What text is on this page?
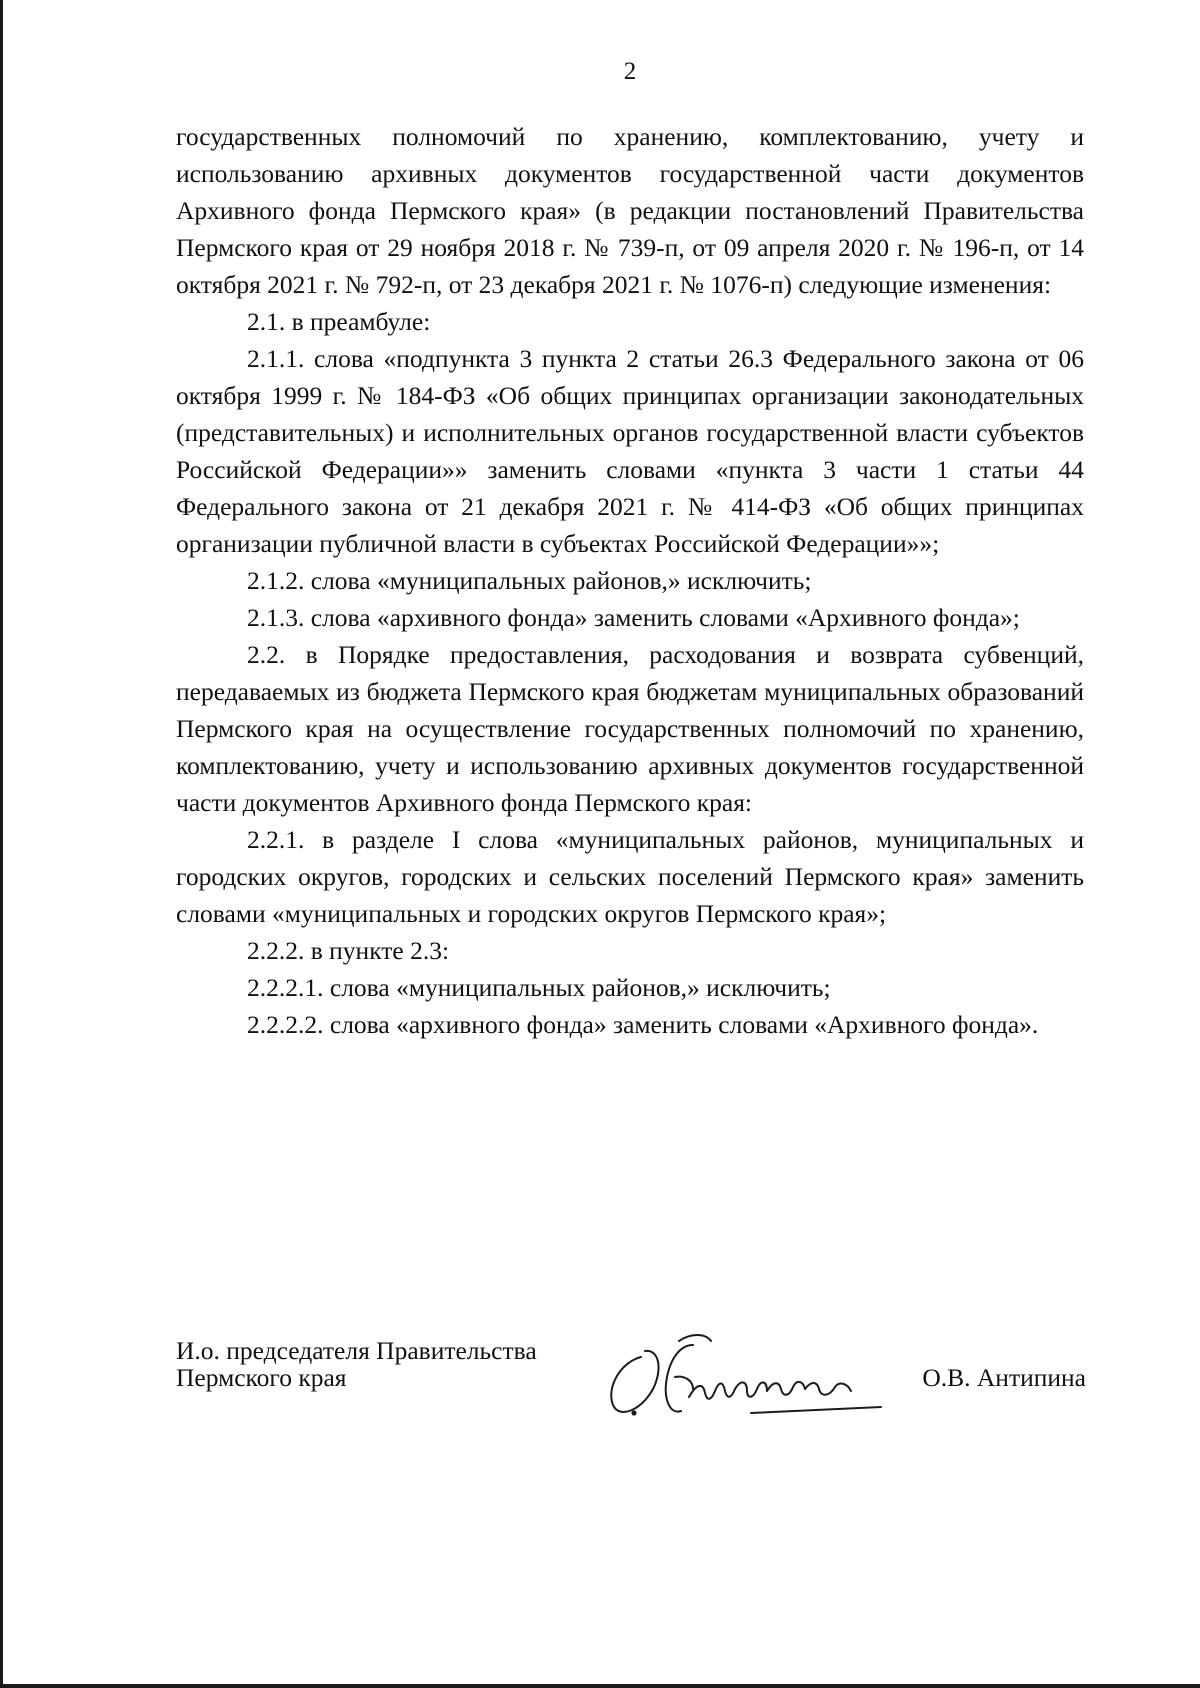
2

государственных полномочий по хранению, комплектованию, учету и использованию архивных документов государственной части документов Архивного фонда Пермского края» (в редакции постановлений Правительства Пермского края от 29 ноября 2018 г. № 739-п, от 09 апреля 2020 г. № 196-п, от 14 октября 2021 г. № 792-п, от 23 декабря 2021 г. № 1076-п) следующие изменения:

2.1. в преамбуле:

2.1.1. слова «подпункта 3 пункта 2 статьи 26.3 Федерального закона от 06 октября 1999 г. № 184-ФЗ «Об общих принципах организации законодательных (представительных) и исполнительных органов государственной власти субъектов Российской Федерации»» заменить словами «пункта 3 части 1 статьи 44 Федерального закона от 21 декабря 2021 г. № 414-ФЗ «Об общих принципах организации публичной власти в субъектах Российской Федерации»»;

2.1.2. слова «муниципальных районов,» исключить;

2.1.3. слова «архивного фонда» заменить словами «Архивного фонда»;

2.2. в Порядке предоставления, расходования и возврата субвенций, передаваемых из бюджета Пермского края бюджетам муниципальных образований Пермского края на осуществление государственных полномочий по хранению, комплектованию, учету и использованию архивных документов государственной части документов Архивного фонда Пермского края:

2.2.1. в разделе I слова «муниципальных районов, муниципальных и городских округов, городских и сельских поселений Пермского края» заменить словами «муниципальных и городских округов Пермского края»;

2.2.2. в пункте 2.3:

2.2.2.1. слова «муниципальных районов,» исключить;

2.2.2.2. слова «архивного фонда» заменить словами «Архивного фонда».

И.о. председателя Правительства
Пермского края	О.В. Антипина
